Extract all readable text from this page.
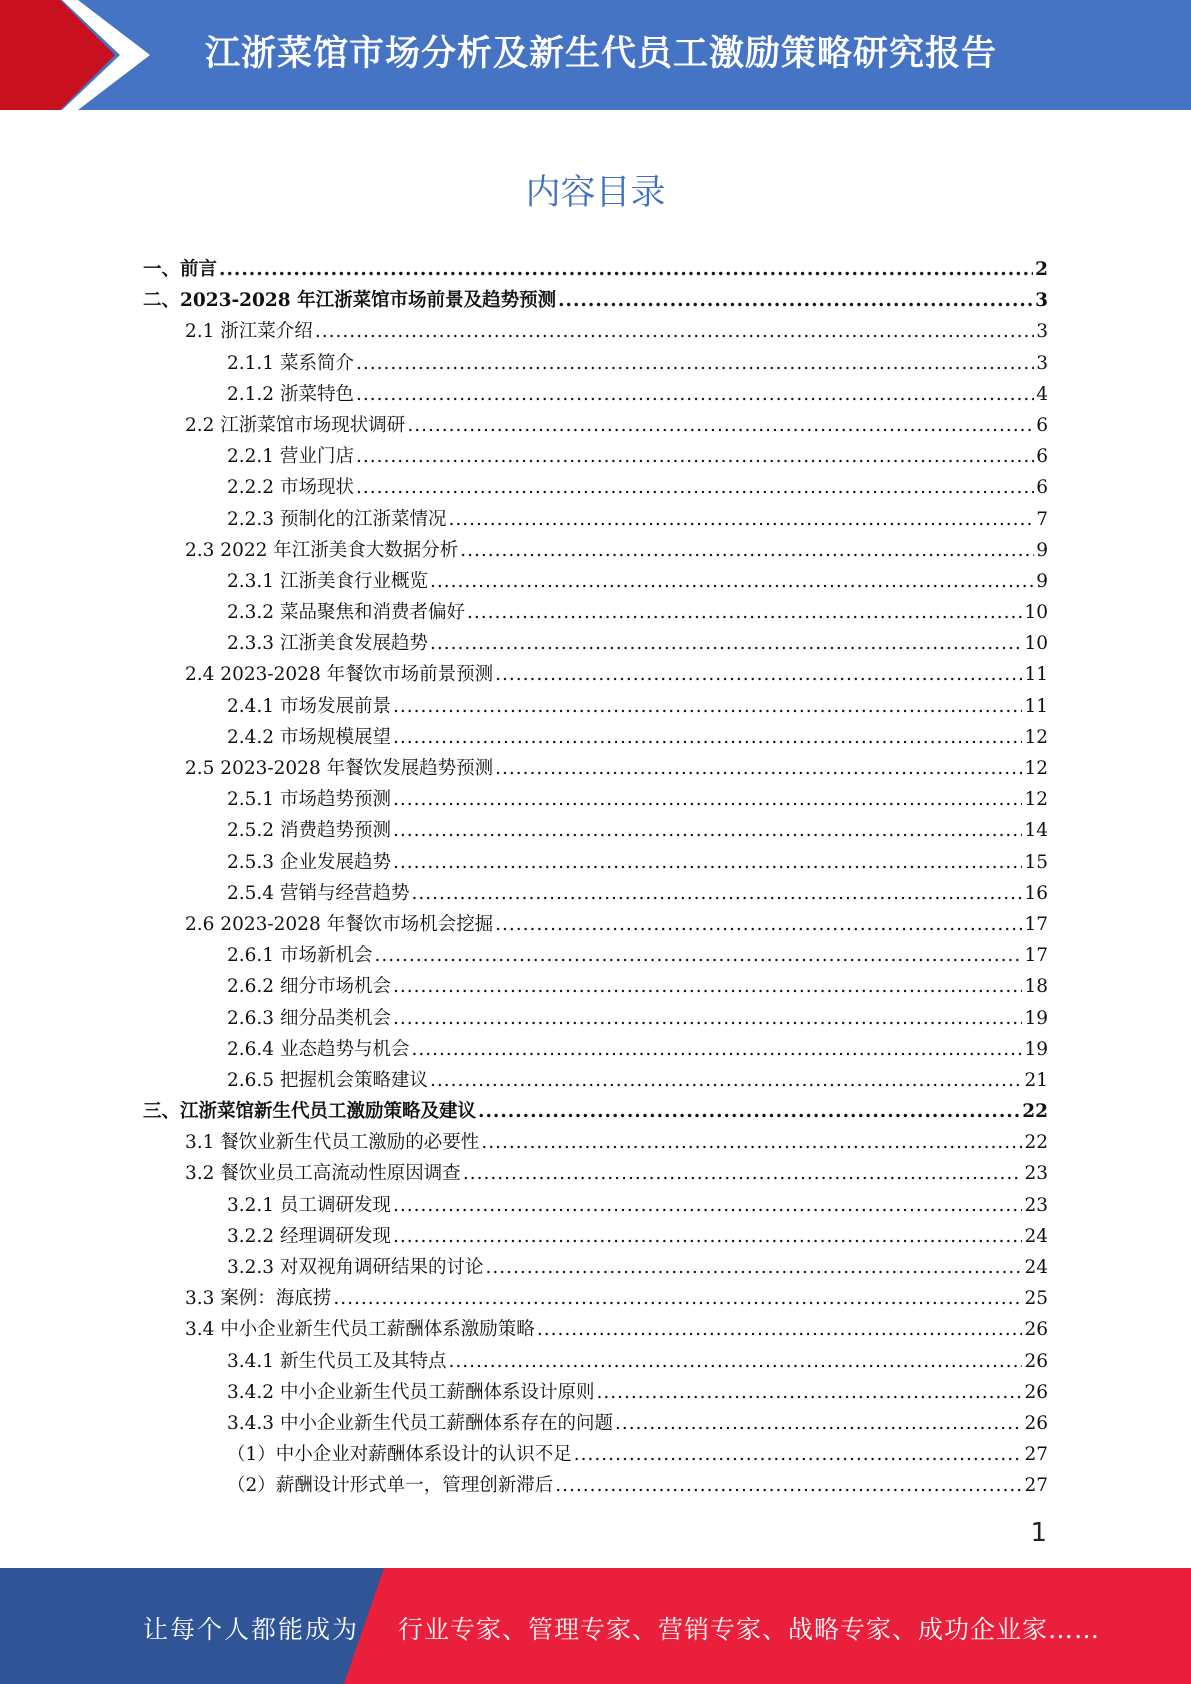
江浙菜馆市场分析及新生代员工激励策略研究报告
内容目录
一、前言 .....	2
二、2023-2028 年江浙菜馆市场前景及趋势预测 .....	3
2.1 浙江菜介绍 .....	3
2.1.1 菜系简介 .....	3
2.1.2 浙菜特色 .....	4
2.2 江浙菜馆市场现状调研 .....	6
2.2.1 营业门店 .....	6
2.2.2 市场现状 .....	6
2.2.3 预制化的江浙菜情况 .....	7
2.3 2022 年江浙美食大数据分析 .....	9
2.3.1 江浙美食行业概览 .....	9
2.3.2 菜品聚焦和消费者偏好 .....	10
2.3.3 江浙美食发展趋势 .....	10
2.4 2023-2028 年餐饮市场前景预测 .....	11
2.4.1 市场发展前景 .....	11
2.4.2 市场规模展望 .....	12
2.5 2023-2028 年餐饮发展趋势预测 .....	12
2.5.1 市场趋势预测 .....	12
2.5.2 消费趋势预测 .....	14
2.5.3 企业发展趋势 .....	15
2.5.4 营销与经营趋势 .....	16
2.6 2023-2028 年餐饮市场机会挖掘 .....	17
2.6.1 市场新机会 .....	17
2.6.2 细分市场机会 .....	18
2.6.3 细分品类机会 .....	19
2.6.4 业态趋势与机会 .....	19
2.6.5 把握机会策略建议 .....	21
三、江浙菜馆新生代员工激励策略及建议 .....	22
3.1 餐饮业新生代员工激励的必要性 .....	22
3.2 餐饮业员工高流动性原因调查 .....	23
3.2.1 员工调研发现 .....	23
3.2.2 经理调研发现 .....	24
3.2.3 对双视角调研结果的讨论 .....	24
3.3 案例：海底捞 .....	25
3.4 中小企业新生代员工薪酬体系激励策略 .....	26
3.4.1 新生代员工及其特点 .....	26
3.4.2 中小企业新生代员工薪酬体系设计原则 .....	26
3.4.3 中小企业新生代员工薪酬体系存在的问题 .....	26
（1）中小企业对薪酬体系设计的认识不足 .....	27
（2）薪酬设计形式单一，管理创新滞后 .....	27
1
让每个人都能成为 行业专家、管理专家、营销专家、战略专家、成功企业家……
